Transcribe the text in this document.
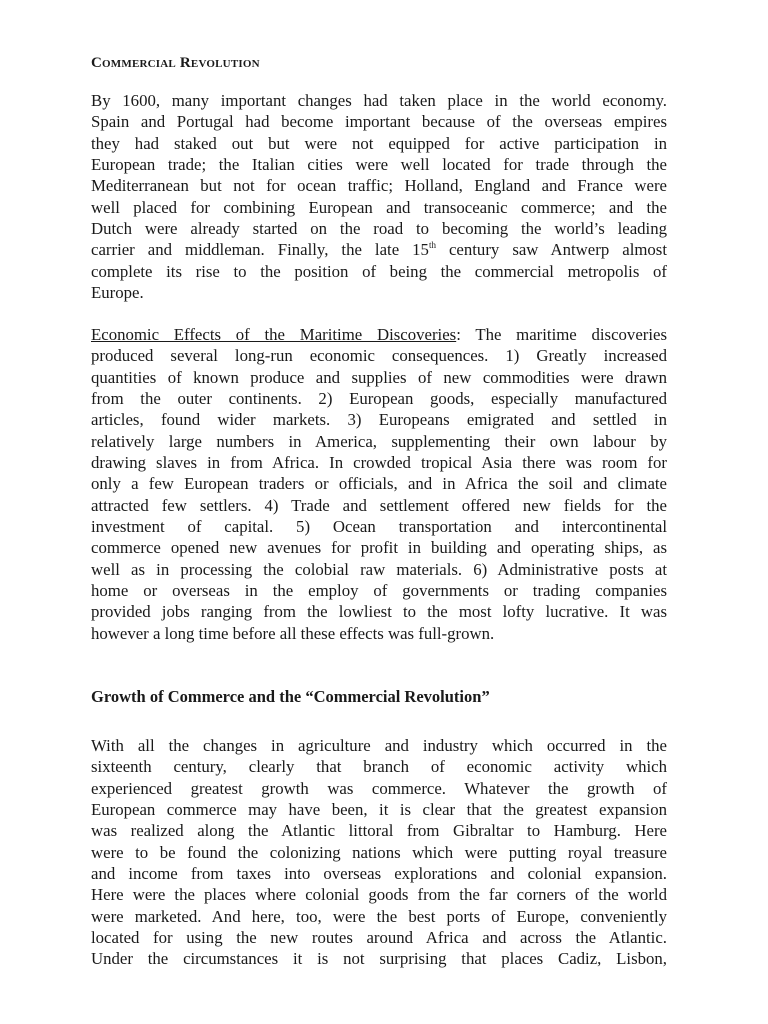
Commercial Revolution
By 1600, many important changes had taken place in the world economy.
Spain and Portugal had become important because of the overseas empires
they had staked out but were not equipped for active participation in
European trade; the Italian cities were well located for trade through the
Mediterranean but not for ocean traffic; Holland, England and France were
well placed for combining European and transoceanic commerce; and the
Dutch were already started on the road to becoming the world’s leading
carrier and middleman. Finally, the late 15th century saw Antwerp almost
complete its rise to the position of being the commercial metropolis of
Europe.
Economic Effects of the Maritime Discoveries: The maritime discoveries
produced several long-run economic consequences. 1) Greatly increased
quantities of known produce and supplies of new commodities were drawn
from the outer continents. 2) European goods, especially manufactured
articles, found wider markets. 3) Europeans emigrated and settled in
relatively large numbers in America, supplementing their own labour by
drawing slaves in from Africa. In crowded tropical Asia there was room for
only a few European traders or officials, and in Africa the soil and climate
attracted few settlers. 4) Trade and settlement offered new fields for the
investment of capital. 5) Ocean transportation and intercontinental
commerce opened new avenues for profit in building and operating ships, as
well as in processing the colobial raw materials. 6) Administrative posts at
home or overseas in the employ of governments or trading companies
provided jobs ranging from the lowliest to the most lofty lucrative. It was
however a long time before all these effects was full-grown.
Growth of Commerce and the “Commercial Revolution”
With all the changes in agriculture and industry which occurred in the
sixteenth century, clearly that branch of economic activity which
experienced greatest growth was commerce. Whatever the growth of
European commerce may have been, it is clear that the greatest expansion
was realized along the Atlantic littoral from Gibraltar to Hamburg. Here
were to be found the colonizing nations which were putting royal treasure
and income from taxes into overseas explorations and colonial expansion.
Here were the places where colonial goods from the far corners of the world
were marketed. And here, too, were the best ports of Europe, conveniently
located for using the new routes around Africa and across the Atlantic.
Under the circumstances it is not surprising that places Cadiz, Lisbon,
